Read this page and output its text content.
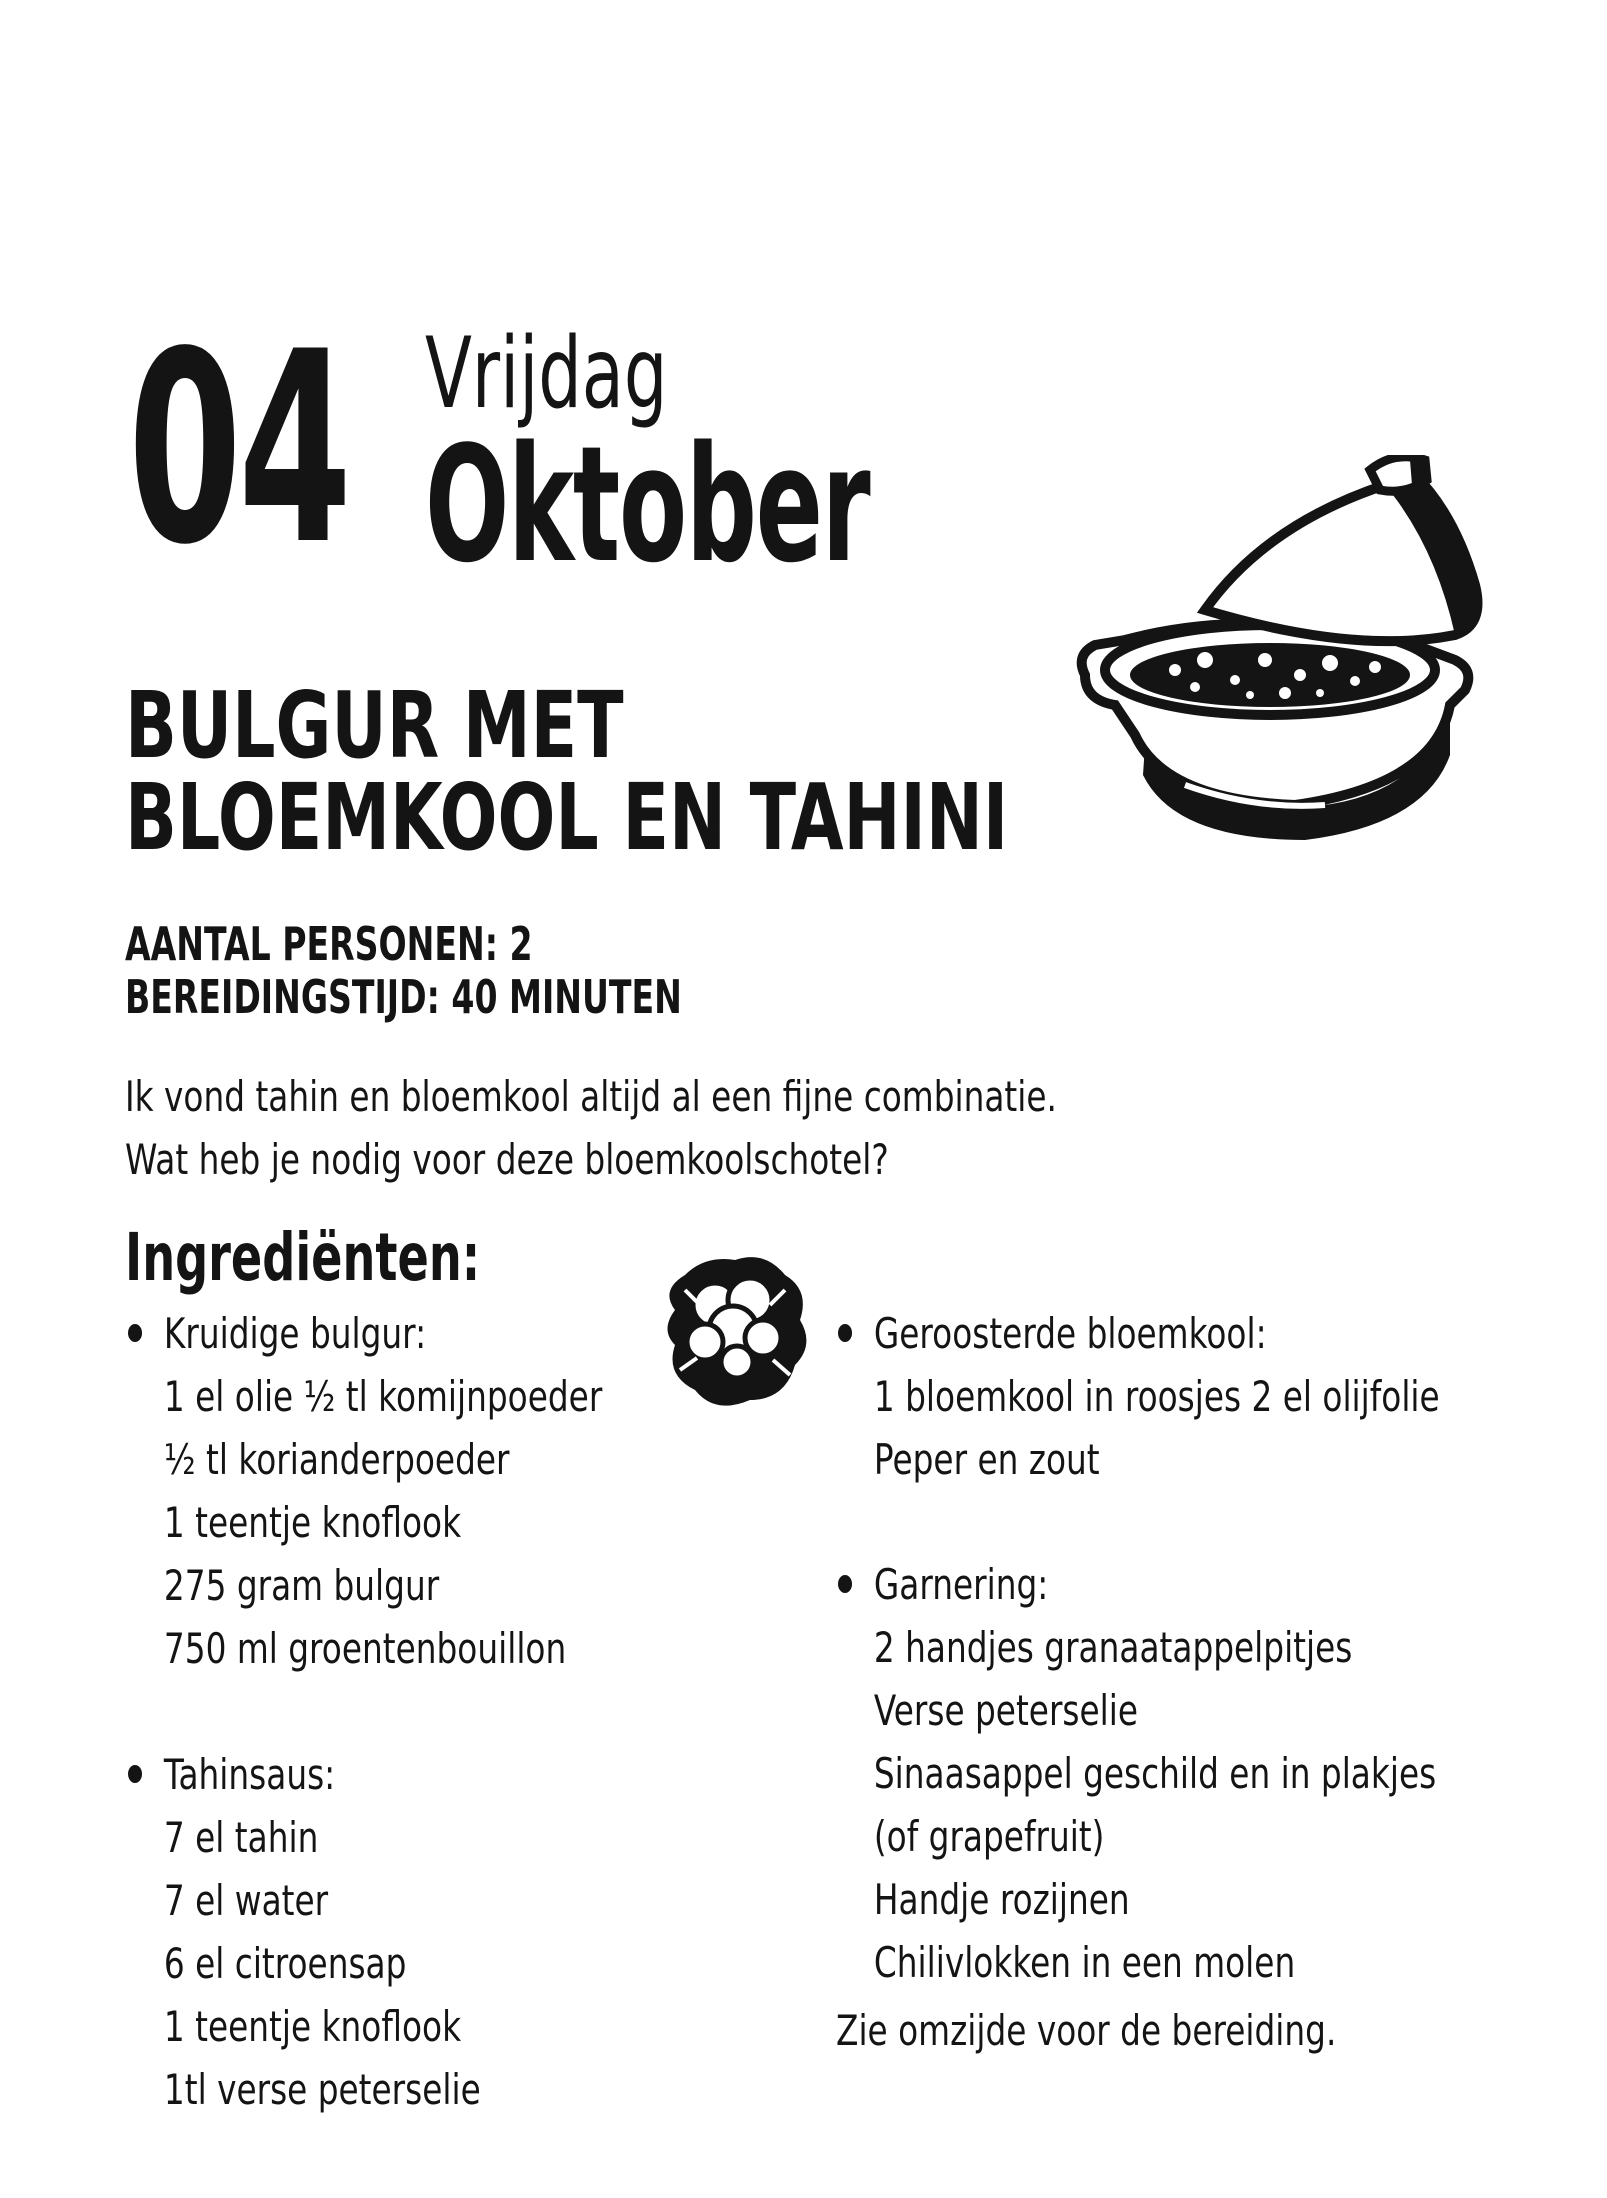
04 Vrijdag
Oktober
BULGUR MET
BLOEMKOOL EN TAHINI
AANTAL PERSONEN: 2
BEREIDINGSTIJD: 40 MINUTEN
Ik vond tahin en bloemkool altijd al een fijne combinatie.
Wat heb je nodig voor deze bloemkoolschotel?
Ingrediënten:
Kruidige bulgur:
1 el olie ½ tl komijnpoeder
½ tl korianderpoeder
1 teentje knoflook
275 gram bulgur
750 ml groentenbouillon
Tahinsaus:
7 el tahin
7 el water
6 el citroensap
1 teentje knoflook
1tl verse peterselie
Geroosterde bloemkool:
1 bloemkool in roosjes 2 el olijfolie
Peper en zout
Garnering:
2 handjes granaatappelpitjes
Verse peterselie
Sinaasappel geschild en in plakjes
(of grapefruit)
Handje rozijnen
Chilivlokken in een molen
Zie omzijde voor de bereiding.
